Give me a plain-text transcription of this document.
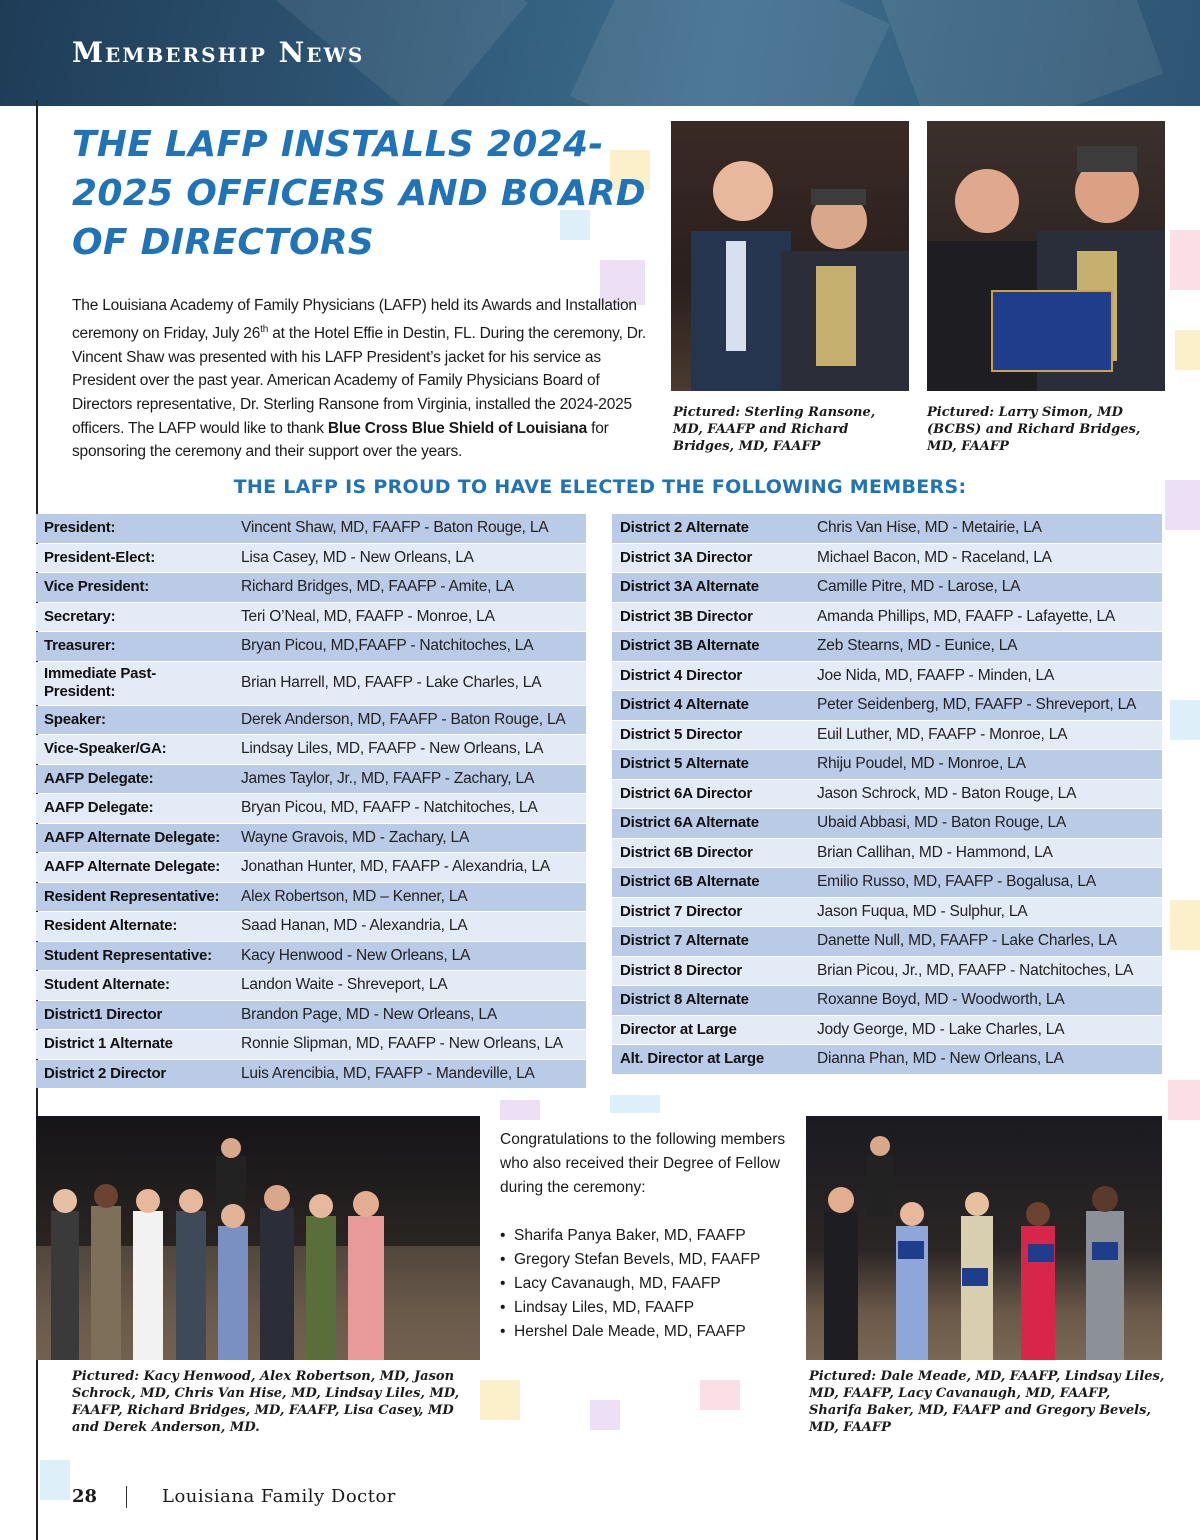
Membership News
THE LAFP INSTALLS 2024-2025 OFFICERS AND BOARD OF DIRECTORS

The Louisiana Academy of Family Physicians (LAFP) held its Awards and Installation ceremony on Friday, July 26th at the Hotel Effie in Destin, FL. During the ceremony, Dr. Vincent Shaw was presented with his LAFP President’s jacket for his service as President over the past year. American Academy of Family Physicians Board of Directors representative, Dr. Sterling Ransone from Virginia, installed the 2024-2025 officers. The LAFP would like to thank Blue Cross Blue Shield of Louisiana for sponsoring the ceremony and their support over the years.

Pictured: Sterling Ransone, MD, FAAFP and Richard Bridges, MD, FAAFP
Pictured: Larry Simon, MD (BCBS) and Richard Bridges, MD, FAAFP
THE LAFP IS PROUD TO HAVE ELECTED THE FOLLOWING MEMBERS:
President:	Vincent Shaw, MD, FAAFP - Baton Rouge, LA
President-Elect:	Lisa Casey, MD - New Orleans, LA
Vice President:	Richard Bridges, MD, FAAFP - Amite, LA
Secretary:	Teri O’Neal, MD, FAAFP - Monroe, LA
Treasurer:	Bryan Picou, MD,FAAFP - Natchitoches, LA
Immediate Past-President:
Brian Harrell, MD, FAAFP - Lake Charles, LA
Speaker:	Derek Anderson, MD, FAAFP - Baton Rouge, LA
Vice-Speaker/GA:	Lindsay Liles, MD, FAAFP - New Orleans, LA
AAFP Delegate:	James Taylor, Jr., MD, FAAFP - Zachary, LA
AAFP Delegate:	Bryan Picou, MD, FAAFP - Natchitoches, LA
AAFP Alternate Delegate: Wayne Gravois, MD - Zachary, LA
AAFP Alternate Delegate: Jonathan Hunter, MD, FAAFP - Alexandria, LA
Resident Representative: Alex Robertson, MD – Kenner, LA
Resident Alternate:	Saad Hanan, MD - Alexandria, LA
Student Representative: Kacy Henwood - New Orleans, LA
Student Alternate:	Landon Waite - Shreveport, LA
District1 Director	Brandon Page, MD - New Orleans, LA
District 1 Alternate	Ronnie Slipman, MD, FAAFP - New Orleans, LA
District 2 Director	Luis Arencibia, MD, FAAFP - Mandeville, LA
District 2 Alternate	Chris Van Hise, MD - Metairie, LA
District 3A Director	Michael Bacon, MD - Raceland, LA
District 3A Alternate	Camille Pitre, MD - Larose, LA
District 3B Director	Amanda Phillips, MD, FAAFP - Lafayette, LA
District 3B Alternate	Zeb Stearns, MD - Eunice, LA
District 4 Director	Joe Nida, MD, FAAFP - Minden, LA
District 4 Alternate	Peter Seidenberg, MD, FAAFP - Shreveport, LA
District 5 Director	Euil Luther, MD, FAAFP - Monroe, LA
District 5 Alternate	Rhiju Poudel, MD - Monroe, LA
District 6A Director	Jason Schrock, MD - Baton Rouge, LA
District 6A Alternate	Ubaid Abbasi, MD - Baton Rouge, LA
District 6B Director	Brian Callihan, MD - Hammond, LA
District 6B Alternate	Emilio Russo, MD, FAAFP - Bogalusa, LA
District 7 Director	Jason Fuqua, MD - Sulphur, LA
District 7 Alternate	Danette Null, MD, FAAFP - Lake Charles, LA
District 8 Director	Brian Picou, Jr., MD, FAAFP - Natchitoches, LA
District 8 Alternate	Roxanne Boyd, MD - Woodworth, LA
Director at Large	Jody George, MD - Lake Charles, LA
Alt. Director at Large	Dianna Phan, MD - New Orleans, LA
Pictured: Kacy Henwood, Alex Robertson, MD, Jason Schrock, MD, Chris Van Hise, MD, Lindsay Liles, MD, FAAFP, Richard Bridges, MD, FAAFP, Lisa Casey, MD and Derek Anderson, MD.

Congratulations to the following members who also received their Degree of Fellow during the ceremony:

• Sharifa Panya Baker, MD, FAAFP
• Gregory Stefan Bevels, MD, FAAFP
• Lacy Cavanaugh, MD, FAAFP
• Lindsay Liles, MD, FAAFP
• Hershel Dale Meade, MD, FAAFP
Pictured: Dale Meade, MD, FAAFP, Lindsay Liles, MD, FAAFP, Lacy Cavanaugh, MD, FAAFP, Sharifa Baker, MD, FAAFP and Gregory Bevels, MD, FAAFP
28	Louisiana Family Doctor
